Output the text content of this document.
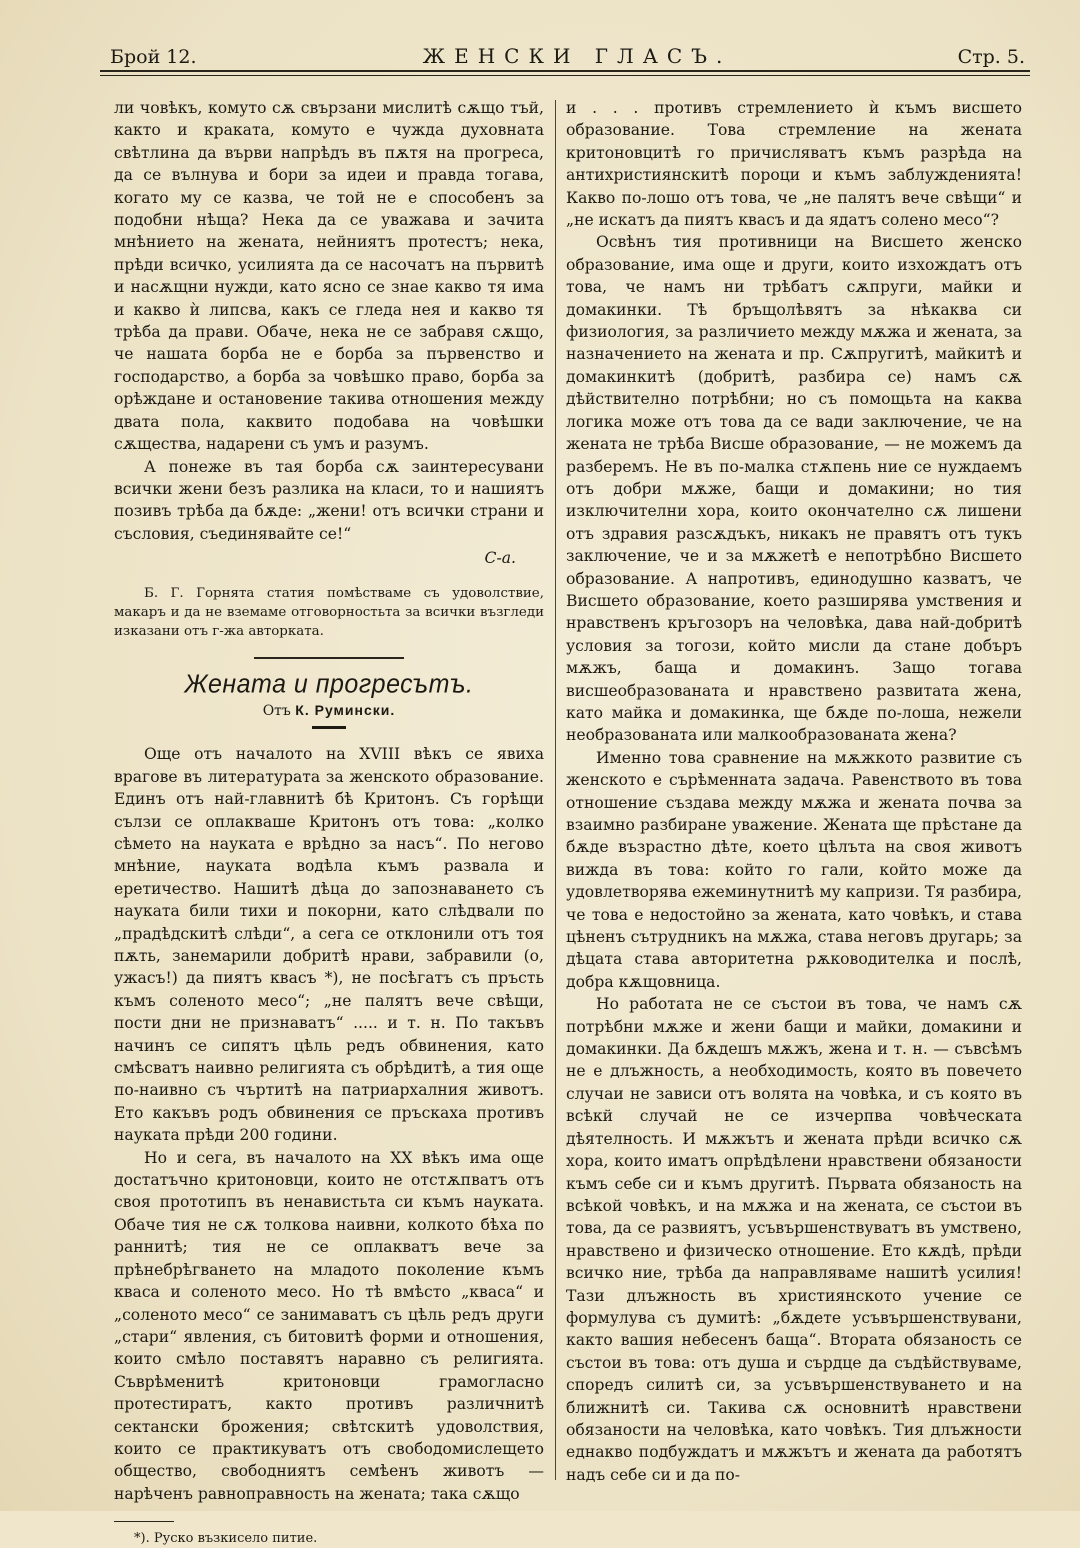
Брой 12.	ЖЕНСКИ ГЛАСЪ.	Стр. 5.

ли човѣкъ, комуто сѫ свързани мислитѣ сѫщо тъй, както и краката, комуто е чужда духовната свѣтлина да върви напрѣдъ въ пѫтя на прогреса, да се вълнува и бори за идеи и правда тогава, когато му се казва, че той не е способенъ за подобни нѣща? Нека да се уважава и зачита мнѣнието на жената, нейниятъ протестъ; нека, прѣди всичко, усилията да се насочатъ на първитѣ и насѫщни нужди, като ясно се знае какво тя има и какво ѝ липсва, какъ се гледа нея и какво тя трѣба да прави. Обаче, нека не се забравя сѫщо, че нашата борба не е борба за първенство и господарство, а борба за човѣшко право, борба за орѣждане и остановение такива отношения между двата пола, каквито подобава на човѣшки сѫщества, надарени съ умъ и разумъ.

А понеже въ тая борба сѫ заинтересувани всички жени безъ разлика на класи, то и нашиятъ позивъ трѣба да бѫде: „жени! отъ всички страни и съсловия, съединявайте се!“

С-а.

Б. Г. Горнята статия помѣстваме съ удоволствие, макаръ и да не вземаме отговорностьта за всички възгледи изказани отъ г-жа авторката.

Жената и прогресътъ.
Отъ К. Румински.

Още отъ началото на XVIII вѣкъ се явиха врагове въ литературата за женското образование. Единъ отъ най-главнитѣ бѣ Критонъ. Съ горѣщи сълзи се оплакваше Критонъ отъ това: „колко сѣмето на науката е врѣдно за насъ“. По негово мнѣние, науката водѣла къмъ развала и еретичество. Нашитѣ дѣца до запознаването съ науката били тихи и покорни, като слѣдвали по „прадѣдскитѣ слѣди“, а сега се отклонили отъ тоя пѫть, занемарили добритѣ нрави, забравили (о, ужасъ!) да пиятъ квасъ *), не посѣгатъ съ пръсть къмъ соленото месо“; „не палятъ вече свѣщи, пости дни не признаватъ“ ..... и т. н. По такъвъ начинъ се сипятъ цѣль редъ обвинения, като смѣсватъ наивно религията съ обрѣдитѣ, а тия още по-наивно съ чъртитѣ на патриархалния животъ. Ето какъвъ родъ обвинения се пръскаха противъ науката прѣди 200 години.

Но и сега, въ началото на XX вѣкъ има още достатъчно критоновци, които не отстѫпватъ отъ своя прототипъ въ ненавистьта си къмъ науката. Обаче тия не сѫ толкова наивни, колкото бѣха по раннитѣ; тия не се оплакватъ вече за прѣнебрѣгването на младото поколение къмъ кваса и соленото месо. Но тѣ вмѣсто „кваса“ и „соленото месо“ се занимаватъ съ цѣль редъ други „стари“ явления, съ битовитѣ форми и отношения, които смѣло поставятъ наравно съ религията. Съврѣменитѣ критоновци грамогласно протестиратъ, както противъ различнитѣ сектански брожения; свѣтскитѣ удоволствия, които се практикуватъ отъ свободомислещето общество, свободниятъ семѣенъ животъ — нарѣченъ равноправность на жената; така сѫщо

*). Руско възкисело питие.

и . . . противъ стремлението ѝ къмъ висшето образование. Това стремление на жената критоновцитѣ го причисляватъ къмъ разрѣда на антихристиянскитѣ пороци и къмъ заблужденията! Какво по-лошо отъ това, че „не палятъ вече свѣщи“ и „не искатъ да пиятъ квасъ и да ядатъ солено месо“?

Освѣнъ тия противници на Висшето женско образование, има още и други, които изхождатъ отъ това, че намъ ни трѣбатъ сѫпруги, майки и домакинки. Тѣ бръщолѣвятъ за нѣкаква си физиология, за различието между мѫжа и жената, за назначението на жената и пр. Сѫпругитѣ, майкитѣ и домакинкитѣ (добритѣ, разбира се) намъ сѫ дѣйствително потрѣбни; но съ помощьта на каква логика може отъ това да се вади заключение, че на жената не трѣба Висше образование, — не можемъ да разберемъ. Не въ по-малка стѫпень ние се нуждаемъ отъ добри мѫже, бащи и домакини; но тия изключителни хора, които окончателно сѫ лишени отъ здравия разсѫдъкъ, никакъ не правятъ отъ тукъ заключение, че и за мѫжетѣ е непотрѣбно Висшето образование. А напротивъ, единодушно казватъ, че Висшето образование, което разширява умствения и нравственъ кръгозоръ на человѣка, дава най-добритѣ условия за тогози, който мисли да стане добъръ мѫжъ, баща и домакинъ. Защо тогава висшеобразованата и нравствено развитата жена, като майка и домакинка, ще бѫде по-лоша, нежели необразованата или малкообразованата жена?

Именно това сравнение на мѫжкото развитие съ женското е сърѣменната задача. Равенството въ това отношение създава между мѫжа и жената почва за взаимно разбиране уважение. Жената ще прѣстане да бѫде възрастно дѣте, което цѣлъта на своя животъ вижда въ това: който го гали, който може да удовлетворява ежеминутнитѣ му капризи. Тя разбира, че това е недостойно за жената, като човѣкъ, и става цѣненъ сътрудникъ на мѫжа, става неговъ другарь; за дѣцата става авторитетна рѫководителка и послѣ, добра кѫщовница.

Но работата не се състои въ това, че намъ сѫ потрѣбни мѫже и жени бащи и майки, домакини и домакинки. Да бѫдешъ мѫжъ, жена и т. н. — съвсѣмъ не е длъжность, а необходимость, която въ повечето случаи не зависи отъ волята на човѣка, и съ която въ всѣкй случай не се изчерпва човѣческата дѣятелность. И мѫжътъ и жената прѣди всичко сѫ хора, които иматъ опрѣдѣлени нравствени обязаности къмъ себе си и къмъ другитѣ. Първата обязаность на всѣкой човѣкъ, и на мѫжа и на жената, се състои въ това, да се развиятъ, усъвършенствуватъ въ умствено, нравствено и физическо отношение. Ето кѫдѣ, прѣди всичко ние, трѣба да направляваме нашитѣ усилия! Тази длъжность въ християнското учение се формулува съ думитѣ: „бѫдете усъвършенствувани, както вашия небесенъ баща“. Втората обязаность се състои въ това: отъ душа и сърдце да съдѣйствуваме, споредъ силитѣ си, за усъвършенствуването и на ближнитѣ си. Такива сѫ основнитѣ нравствени обязаности на человѣка, като човѣкъ. Тия длъжности еднакво подбуждатъ и мѫжътъ и жената да работятъ надъ себе си и да по-
